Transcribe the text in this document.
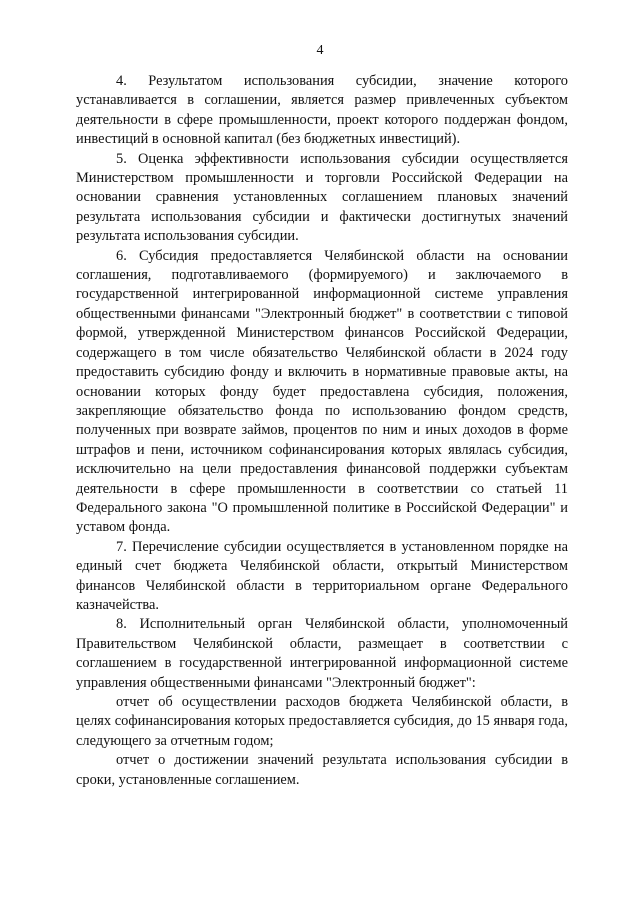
4

4. Результатом использования субсидии, значение которого устанавливается в соглашении, является размер привлеченных субъектом деятельности в сфере промышленности, проект которого поддержан фондом, инвестиций в основной капитал (без бюджетных инвестиций).

5. Оценка эффективности использования субсидии осуществляется Министерством промышленности и торговли Российской Федерации на основании сравнения установленных соглашением плановых значений результата использования субсидии и фактически достигнутых значений результата использования субсидии.

6. Субсидия предоставляется Челябинской области на основании соглашения, подготавливаемого (формируемого) и заключаемого в государственной интегрированной информационной системе управления общественными финансами "Электронный бюджет" в соответствии с типовой формой, утвержденной Министерством финансов Российской Федерации, содержащего в том числе обязательство Челябинской области в 2024 году предоставить субсидию фонду и включить в нормативные правовые акты, на основании которых фонду будет предоставлена субсидия, положения, закрепляющие обязательство фонда по использованию фондом средств, полученных при возврате займов, процентов по ним и иных доходов в форме штрафов и пени, источником софинансирования которых являлась субсидия, исключительно на цели предоставления финансовой поддержки субъектам деятельности в сфере промышленности в соответствии со статьей 11 Федерального закона "О промышленной политике в Российской Федерации" и уставом фонда.

7. Перечисление субсидии осуществляется в установленном порядке на единый счет бюджета Челябинской области, открытый Министерством финансов Челябинской области в территориальном органе Федерального казначейства.

8. Исполнительный орган Челябинской области, уполномоченный Правительством Челябинской области, размещает в соответствии с соглашением в государственной интегрированной информационной системе управления общественными финансами "Электронный бюджет":

отчет об осуществлении расходов бюджета Челябинской области, в целях софинансирования которых предоставляется субсидия, до 15 января года, следующего за отчетным годом;

отчет о достижении значений результата использования субсидии в сроки, установленные соглашением.
